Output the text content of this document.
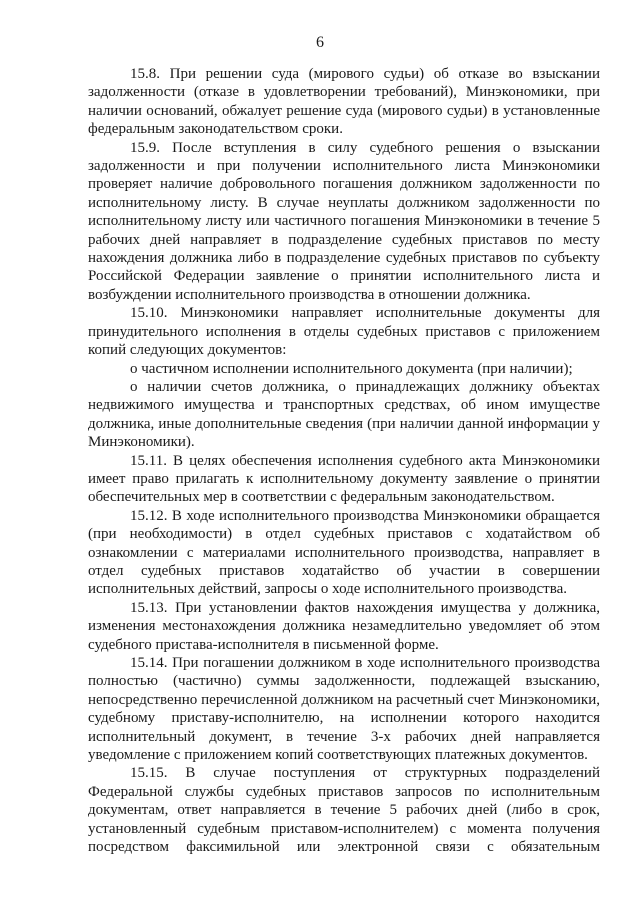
6

15.8. При решении суда (мирового судьи) об отказе во взыскании задолженности (отказе в удовлетворении требований), Минэкономики, при наличии оснований, обжалует решение суда (мирового судьи) в установленные федеральным законодательством сроки.

15.9. После вступления в силу судебного решения о взыскании задолженности и при получении исполнительного листа Минэкономики проверяет наличие добровольного погашения должником задолженности по исполнительному листу. В случае неуплаты должником задолженности по исполнительному листу или частичного погашения Минэкономики в течение 5 рабочих дней направляет в подразделение судебных приставов по месту нахождения должника либо в подразделение судебных приставов по субъекту Российской Федерации заявление о принятии исполнительного листа и возбуждении исполнительного производства в отношении должника.

15.10. Минэкономики направляет исполнительные документы для принудительного исполнения в отделы судебных приставов с приложением копий следующих документов:

о частичном исполнении исполнительного документа (при наличии);

о наличии счетов должника, о принадлежащих должнику объектах недвижимого имущества и транспортных средствах, об ином имуществе должника, иные дополнительные сведения (при наличии данной информации у Минэкономики).

15.11. В целях обеспечения исполнения судебного акта Минэкономики имеет право прилагать к исполнительному документу заявление о принятии обеспечительных мер в соответствии с федеральным законодательством.

15.12. В ходе исполнительного производства Минэкономики обращается (при необходимости) в отдел судебных приставов с ходатайством об ознакомлении с материалами исполнительного производства, направляет в отдел судебных приставов ходатайство об участии в совершении исполнительных действий, запросы о ходе исполнительного производства.

15.13. При установлении фактов нахождения имущества у должника, изменения местонахождения должника незамедлительно уведомляет об этом судебного пристава-исполнителя в письменной форме.

15.14. При погашении должником в ходе исполнительного производства полностью (частично) суммы задолженности, подлежащей взысканию, непосредственно перечисленной должником на расчетный счет Минэкономики, судебному приставу-исполнителю, на исполнении которого находится исполнительный документ, в течение 3-х рабочих дней направляется уведомление с приложением копий соответствующих платежных документов.

15.15. В случае поступления от структурных подразделений Федеральной службы судебных приставов запросов по исполнительным документам, ответ направляется в течение 5 рабочих дней (либо в срок, установленный судебным приставом-исполнителем) с момента получения посредством факсимильной или электронной связи с обязательным
